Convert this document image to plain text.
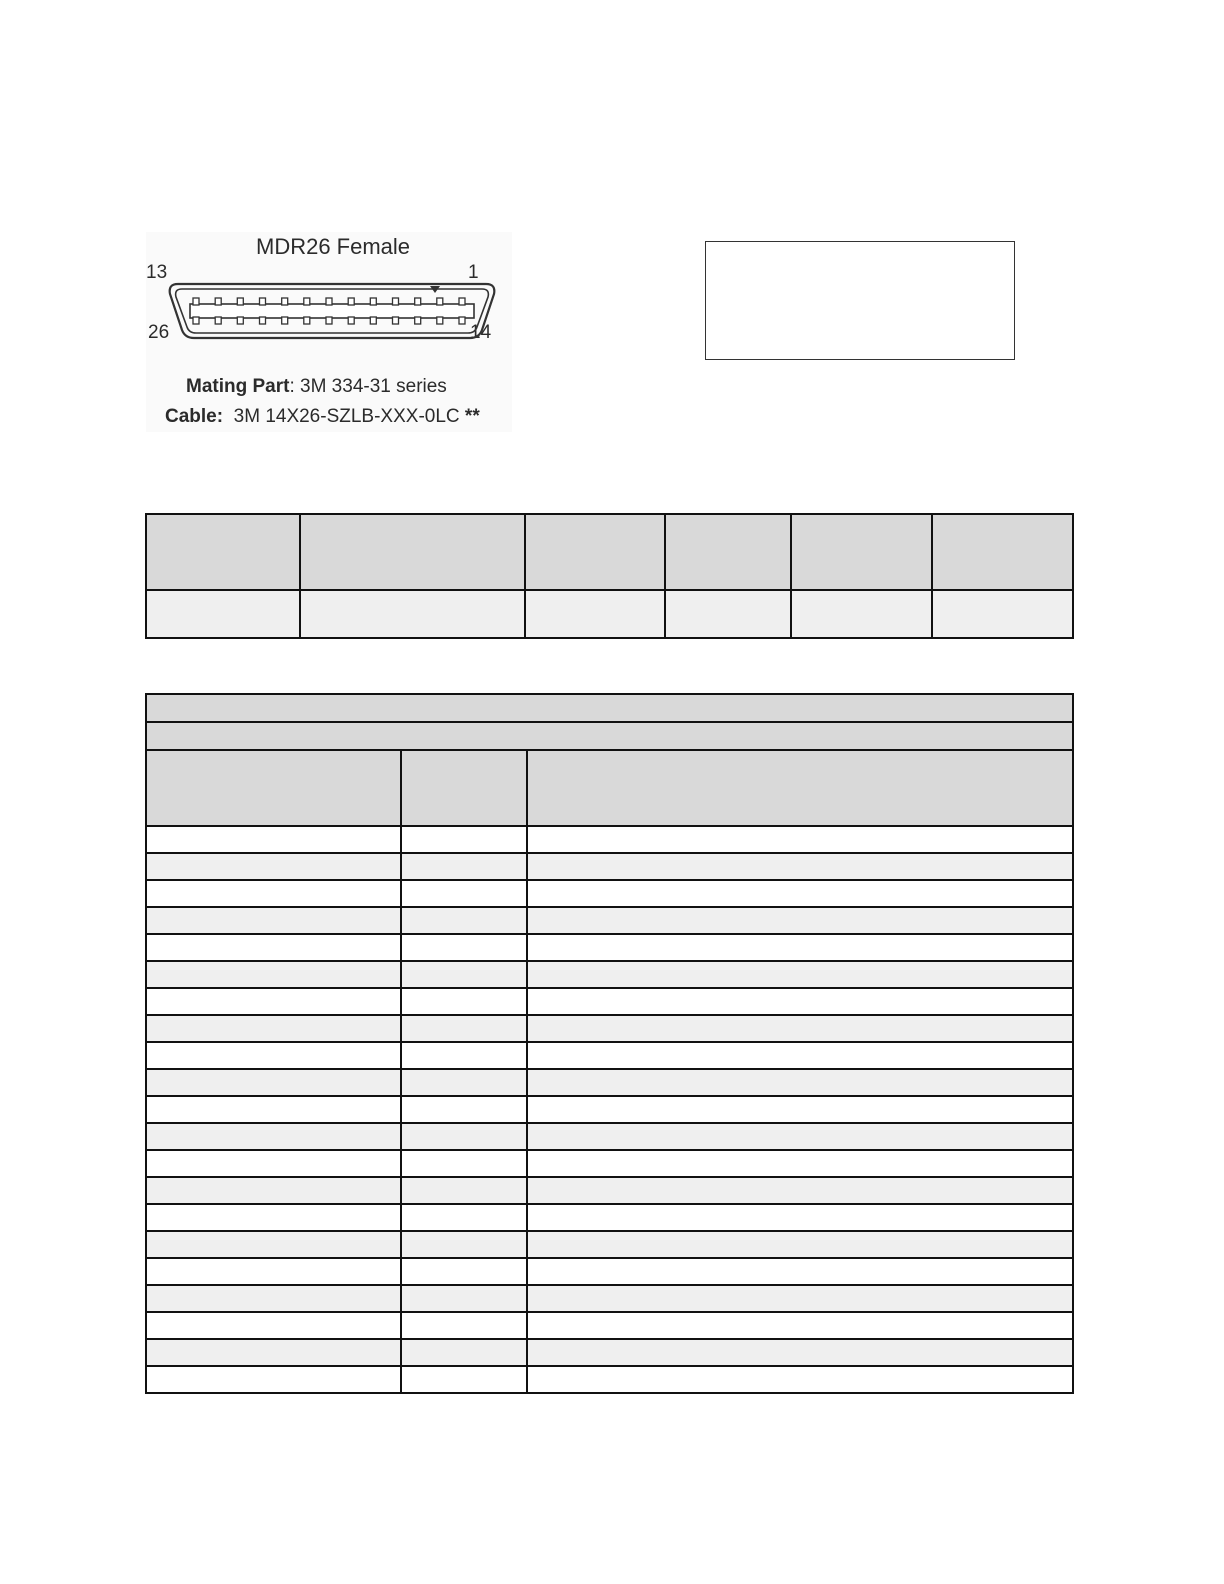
MDR26 Female
13	1
26	14
Mating Part: 3M 334-31 series
Cable: 3M 14X26-SZLB-XXX-0LC **
